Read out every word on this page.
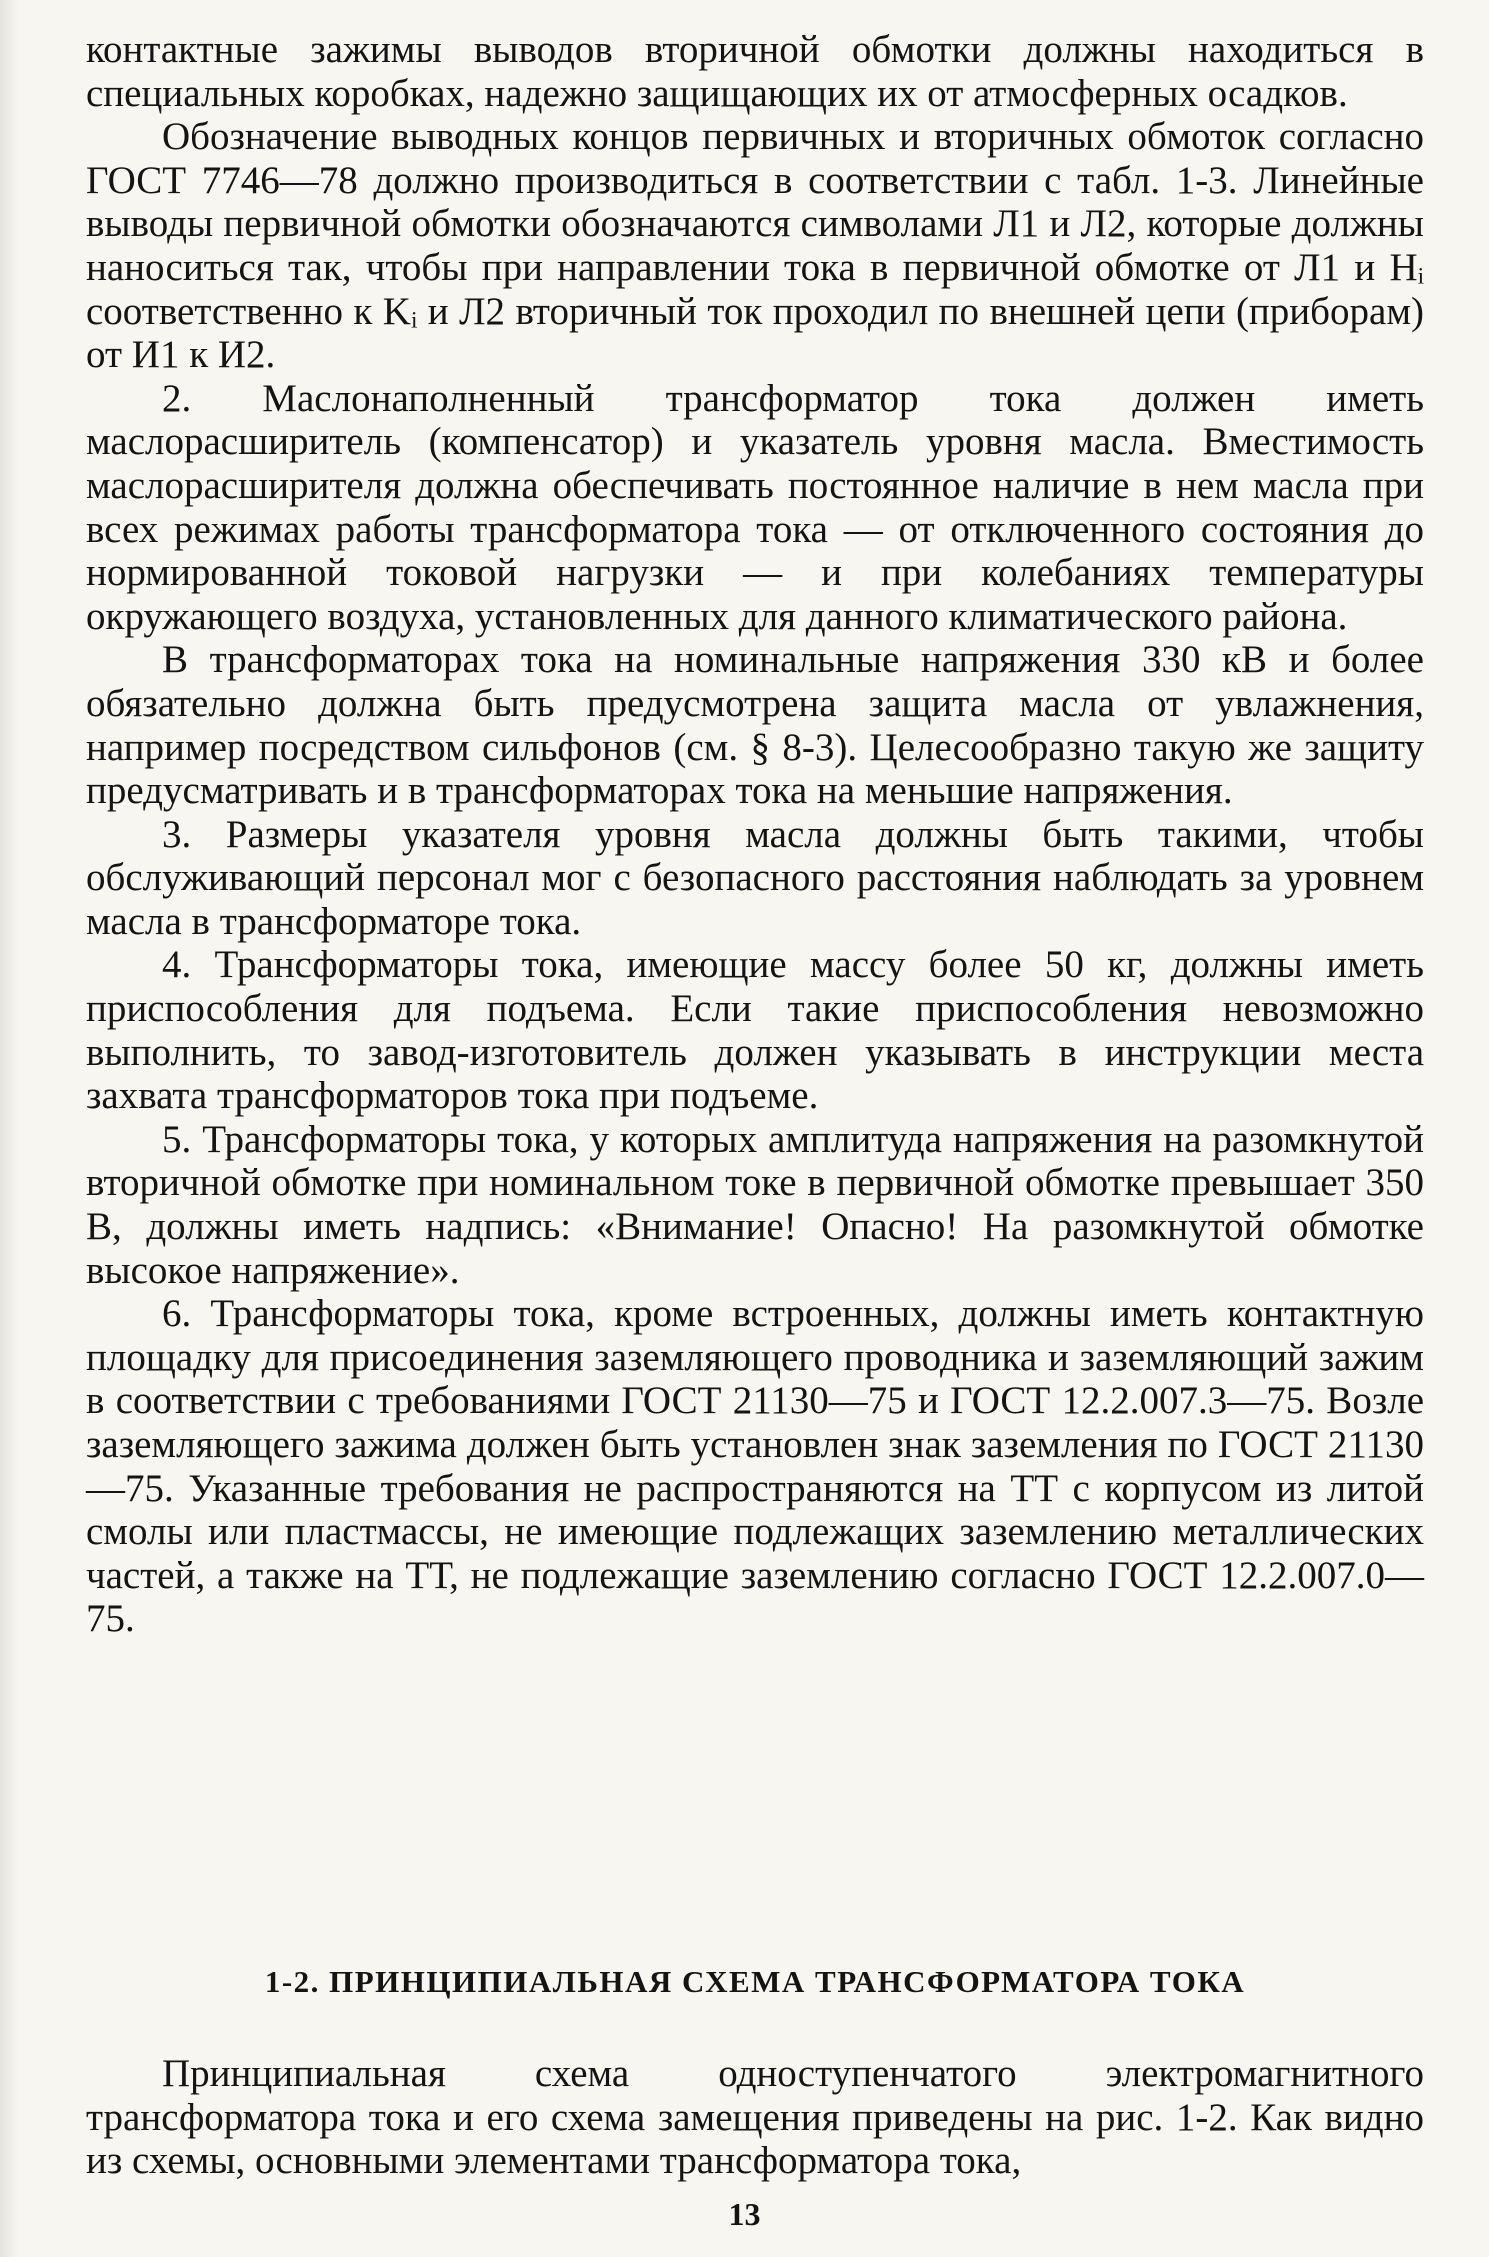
контактные зажимы выводов вторичной обмотки должны находиться в специальных коробках, надежно защищающих их от атмосферных осадков.

Обозначение выводных концов первичных и вторичных обмоток согласно ГОСТ 7746—78 должно производиться в соответствии с табл. 1-3. Линейные выводы первичной обмотки обозначаются символами Л1 и Л2, которые должны наноситься так, чтобы при направлении тока в первичной обмотке от Л1 и Hᵢ соответственно к Kᵢ и Л2 вторичный ток проходил по внешней цепи (приборам) от И1 к И2.

2. Маслонаполненный трансформатор тока должен иметь маслорасширитель (компенсатор) и указатель уровня масла. Вместимость маслорасширителя должна обеспечивать постоянное наличие в нем масла при всех режимах работы трансформатора тока — от отключенного состояния до нормированной токовой нагрузки — и при колебаниях температуры окружающего воздуха, установленных для данного климатического района.

В трансформаторах тока на номинальные напряжения 330 кВ и более обязательно должна быть предусмотрена защита масла от увлажнения, например посредством сильфонов (см. § 8-3). Целесообразно такую же защиту предусматривать и в трансформаторах тока на меньшие напряжения.

3. Размеры указателя уровня масла должны быть такими, чтобы обслуживающий персонал мог с безопасного расстояния наблюдать за уровнем масла в трансформаторе тока.

4. Трансформаторы тока, имеющие массу более 50 кг, должны иметь приспособления для подъема. Если такие приспособления невозможно выполнить, то завод-изготовитель должен указывать в инструкции места захвата трансформаторов тока при подъеме.

5. Трансформаторы тока, у которых амплитуда напряжения на разомкнутой вторичной обмотке при номинальном токе в первичной обмотке превышает 350 В, должны иметь надпись: «Внимание! Опасно! На разомкнутой обмотке высокое напряжение».

6. Трансформаторы тока, кроме встроенных, должны иметь контактную площадку для присоединения заземляющего проводника и заземляющий зажим в соответствии с требованиями ГОСТ 21130—75 и ГОСТ 12.2.007.3—75. Возле заземляющего зажима должен быть установлен знак заземления по ГОСТ 21130—75. Указанные требования не распространяются на ТТ с корпусом из литой смолы или пластмассы, не имеющие подлежащих заземлению металлических частей, а также на ТТ, не подлежащие заземлению согласно ГОСТ 12.2.007.0—75.

1-2. ПРИНЦИПИАЛЬНАЯ СХЕМА ТРАНСФОРМАТОРА ТОКА

Принципиальная схема одноступенчатого электромагнитного трансформатора тока и его схема замещения приведены на рис. 1-2. Как видно из схемы, основными элементами трансформатора тока,

13
